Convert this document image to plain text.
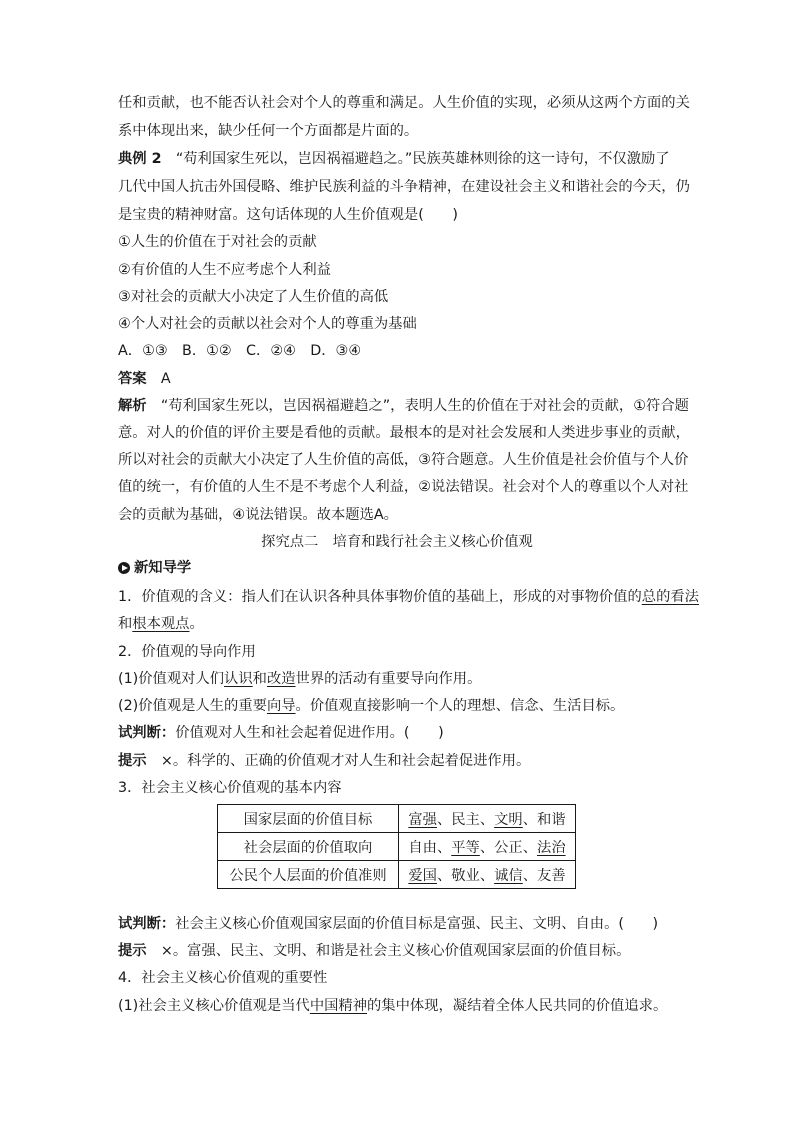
任和贡献，也不能否认社会对个人的尊重和满足。人生价值的实现，必须从这两个方面的关
系中体现出来，缺少任何一个方面都是片面的。
典例 2　“苟利国家生死以，岂因祸福避趋之。”民族英雄林则徐的这一诗句，不仅激励了
几代中国人抗击外国侵略、维护民族利益的斗争精神，在建设社会主义和谐社会的今天，仍
是宝贵的精神财富。这句话体现的人生价值观是(　　)
①人生的价值在于对社会的贡献
②有价值的人生不应考虑个人利益
③对社会的贡献大小决定了人生价值的高低
④个人对社会的贡献以社会对个人的尊重为基础
A．①③　B．①②　C．②④　D．③④
答案　A
解析　“苟利国家生死以，岂因祸福避趋之”，表明人生的价值在于对社会的贡献，①符合题
意。对人的价值的评价主要是看他的贡献。最根本的是对社会发展和人类进步事业的贡献，
所以对社会的贡献大小决定了人生价值的高低，③符合题意。人生价值是社会价值与个人价
值的统一，有价值的人生不是不考虑个人利益，②说法错误。社会对个人的尊重以个人对社
会的贡献为基础，④说法错误。故本题选A。
探究点二　培育和践行社会主义核心价值观
新知导学
1．价值观的含义：指人们在认识各种具体事物价值的基础上，形成的对事物价值的总的看法
和根本观点。
2．价值观的导向作用
(1)价值观对人们认识和改造世界的活动有重要导向作用。
(2)价值观是人生的重要向导。价值观直接影响一个人的理想、信念、生活目标。
试判断：价值观对人生和社会起着促进作用。(　　)
提示　×。科学的、正确的价值观才对人生和社会起着促进作用。
3．社会主义核心价值观的基本内容
国家层面的价值目标	富强、民主、文明、和谐
社会层面的价值取向	自由、平等、公正、法治
公民个人层面的价值准则	爱国、敬业、诚信、友善
试判断：社会主义核心价值观国家层面的价值目标是富强、民主、文明、自由。(　　)
提示　×。富强、民主、文明、和谐是社会主义核心价值观国家层面的价值目标。
4．社会主义核心价值观的重要性
(1)社会主义核心价值观是当代中国精神的集中体现，凝结着全体人民共同的价值追求。
